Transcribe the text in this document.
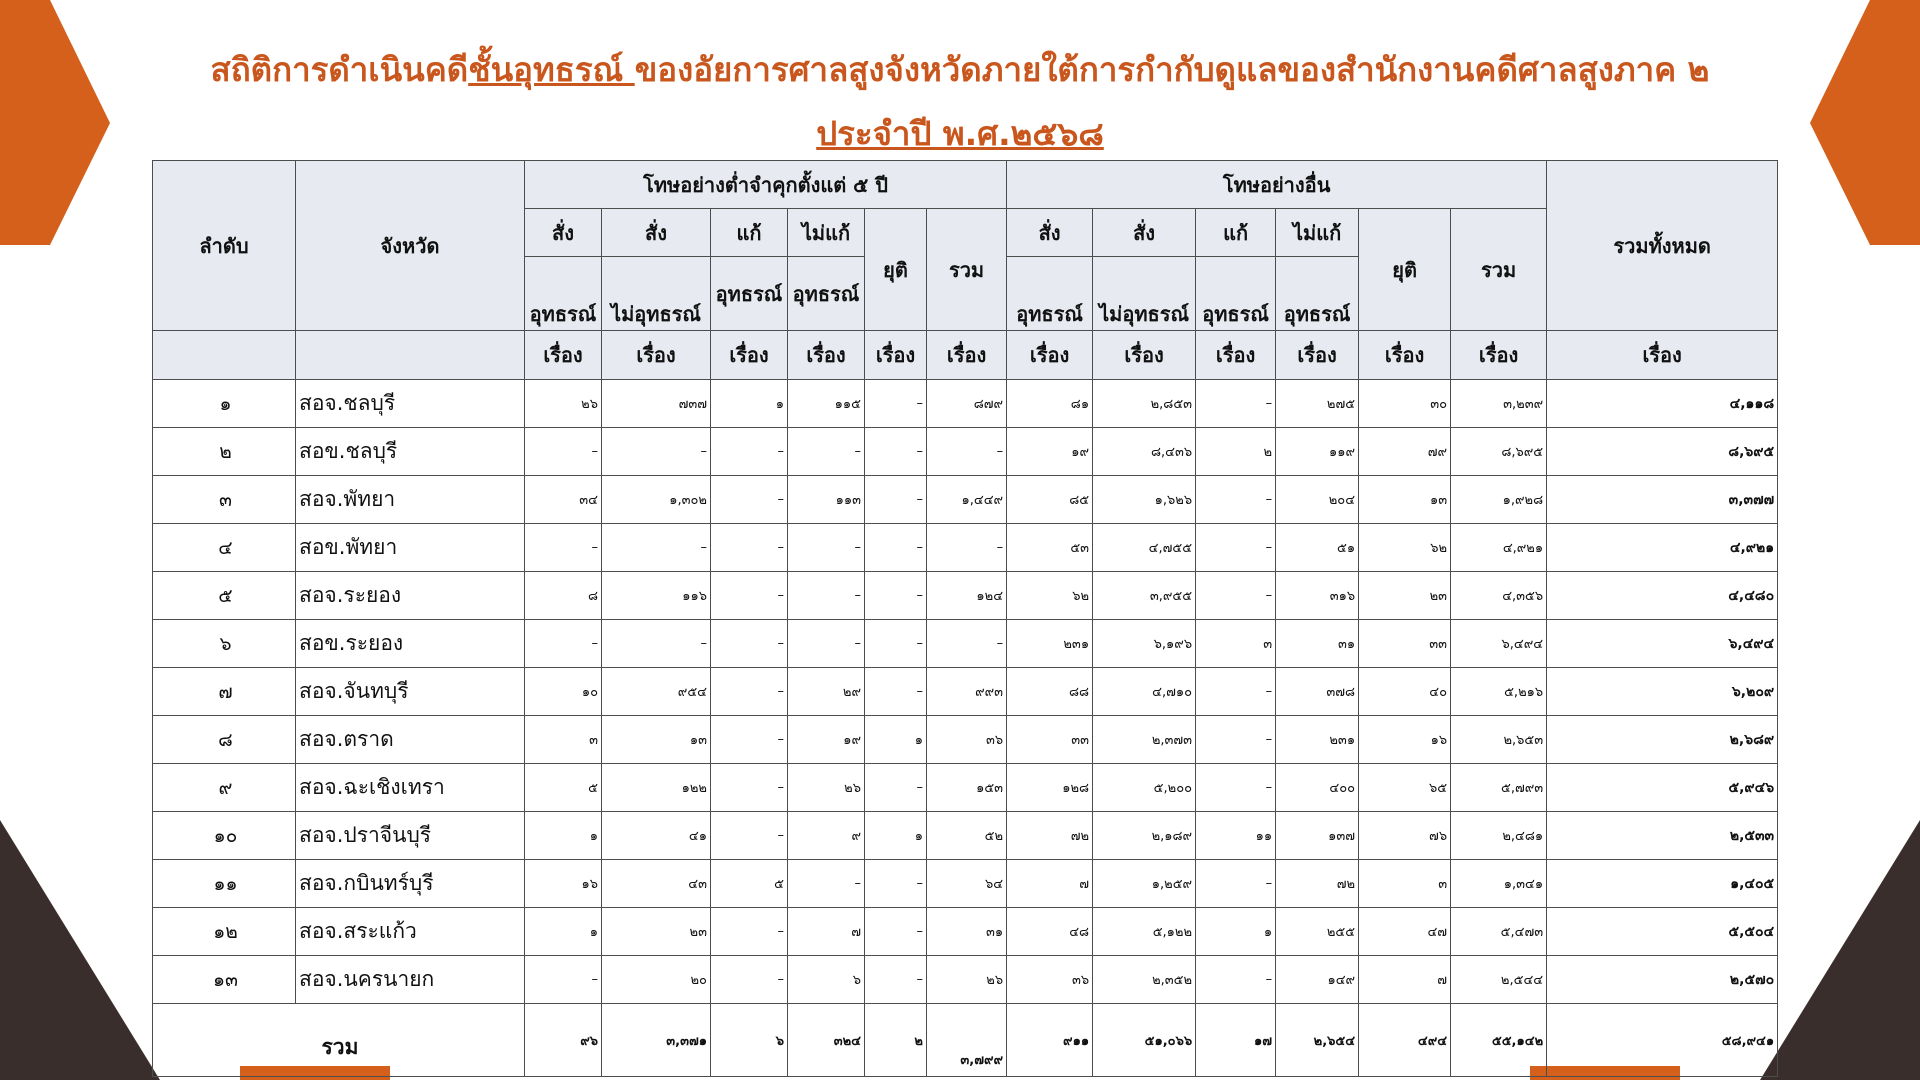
สถิติการดำเนินคดีชั้นอุทธรณ์ ของอัยการศาลสูงจังหวัดภายใต้การกำกับดูแลของสำนักงานคดีศาลสูงภาค ๒
ประจำปี พ.ศ.๒๕๖๘
ลำดับ	จังหวัด	โทษอย่างต่ำจำคุกตั้งแต่ ๕ ปี						โทษอย่างอื่น						รวมทั้งหมด
		สั่ง	สั่ง	แก้	ไม่แก้	ยุติ	รวม	สั่ง	สั่ง	แก้	ไม่แก้	ยุติ	รวม	
		อุทธรณ์	ไม่อุทธรณ์	อุทธรณ์	อุทธรณ์			อุทธรณ์	ไม่อุทธรณ์	อุทธรณ์	อุทธรณ์			
		เรื่อง	เรื่อง	เรื่อง	เรื่อง	เรื่อง	เรื่อง	เรื่อง	เรื่อง	เรื่อง	เรื่อง	เรื่อง	เรื่อง	เรื่อง
๑	สอจ.ชลบุรี	๒๖	๗๓๗	๑	๑๑๕	–	๘๗๙	๘๑	๒,๘๕๓	–	๒๗๕	๓๐	๓,๒๓๙	๔,๑๑๘
๒	สอข.ชลบุรี	–	–	–	–	–	–	๑๙	๘,๔๓๖	๒	๑๑๙	๗๙	๘,๖๙๕	๘,๖๙๕
๓	สอจ.พัทยา	๓๔	๑,๓๐๒	–	๑๑๓	–	๑,๔๔๙	๘๕	๑,๖๒๖	–	๒๐๔	๑๓	๑,๙๒๘	๓,๓๗๗
๔	สอข.พัทยา	–	–	–	–	–	–	๕๓	๔,๗๕๕	–	๕๑	๖๒	๔,๙๒๑	๔,๙๒๑
๕	สอจ.ระยอง	๘	๑๑๖	–	–	–	๑๒๔	๖๒	๓,๙๕๕	–	๓๑๖	๒๓	๔,๓๕๖	๔,๔๘๐
๖	สอข.ระยอง	–	–	–	–	–	–	๒๓๑	๖,๑๙๖	๓	๓๑	๓๓	๖,๔๙๔	๖,๔๙๔
๗	สอจ.จันทบุรี	๑๐	๙๕๔	–	๒๙	–	๙๙๓	๘๘	๔,๗๑๐	–	๓๗๘	๔๐	๕,๒๑๖	๖,๒๐๙
๘	สอจ.ตราด	๓	๑๓	–	๑๙	๑	๓๖	๓๓	๒,๓๗๓	–	๒๓๑	๑๖	๒,๖๕๓	๒,๖๘๙
๙	สอจ.ฉะเชิงเทรา	๕	๑๒๒	–	๒๖	–	๑๕๓	๑๒๘	๕,๒๐๐	–	๔๐๐	๖๕	๕,๗๙๓	๕,๙๔๖
๑๐	สอจ.ปราจีนบุรี	๑	๔๑	–	๙	๑	๕๒	๗๒	๒,๑๘๙	๑๑	๑๓๗	๗๖	๒,๔๘๑	๒,๕๓๓
๑๑	สอจ.กบินทร์บุรี	๑๖	๔๓	๕	–	–	๖๔	๗	๑,๒๕๙	–	๗๒	๓	๑,๓๔๑	๑,๔๐๕
๑๒	สอจ.สระแก้ว	๑	๒๓	–	๗	–	๓๑	๔๘	๕,๑๒๒	๑	๒๕๕	๔๗	๕,๔๗๓	๕,๕๐๔
๑๓	สอจ.นครนายก	–	๒๐	–	๖	–	๒๖	๓๖	๒,๓๕๒	–	๑๔๙	๗	๒,๕๔๔	๒,๕๗๐
รวม		๙๖	๓,๓๗๑	๖	๓๒๔	๒	๓,๗๙๙	๙๑๑	๕๑,๐๖๖	๑๗	๒,๖๕๔	๔๙๔	๕๕,๑๔๒	๕๘,๙๔๑
